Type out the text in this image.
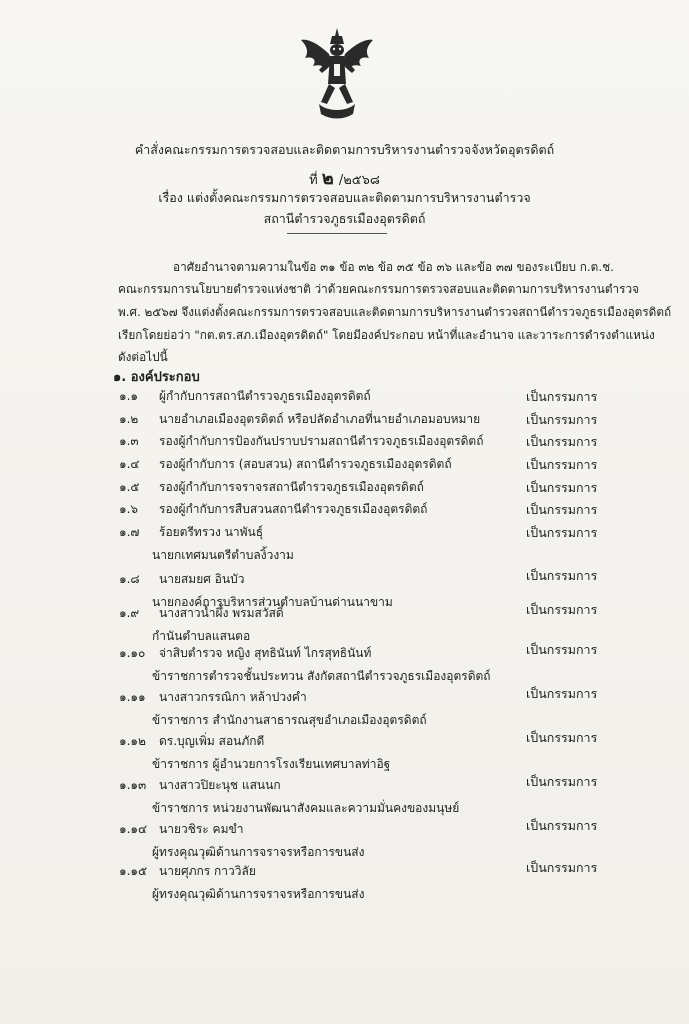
คำสั่งคณะกรรมการตรวจสอบและติดตามการบริหารงานตำรวจจังหวัดอุตรดิตถ์
ที่ ๒ /๒๕๖๘
เรื่อง แต่งตั้งคณะกรรมการตรวจสอบและติดตามการบริหารงานตำรวจ
สถานีตำรวจภูธรเมืองอุตรดิตถ์
อาศัยอำนาจตามความในข้อ ๓๑ ข้อ ๓๒ ข้อ ๓๕ ข้อ ๓๖ และข้อ ๓๗ ของระเบียบ ก.ต.ช.
คณะกรรมการนโยบายตำรวจแห่งชาติ ว่าด้วยคณะกรรมการตรวจสอบและติดตามการบริหารงานตำรวจ
พ.ศ. ๒๕๖๗ จึงแต่งตั้งคณะกรรมการตรวจสอบและติดตามการบริหารงานตำรวจสถานีตำรวจภูธรเมืองอุตรดิตถ์
เรียกโดยย่อว่า "กต.ตร.สภ.เมืองอุตรดิตถ์" โดยมีองค์ประกอบ หน้าที่และอำนาจ และวาระการดำรงตำแหน่ง
ดังต่อไปนี้
๑. องค์ประกอบ
๑.๑ ผู้กำกับการสถานีตำรวจภูธรเมืองอุตรดิตถ์	เป็นกรรมการ
๑.๒ นายอำเภอเมืองอุตรดิตถ์ หรือปลัดอำเภอที่นายอำเภอมอบหมาย	เป็นกรรมการ
๑.๓ รองผู้กำกับการป้องกันปราบปรามสถานีตำรวจภูธรเมืองอุตรดิตถ์	เป็นกรรมการ
๑.๔ รองผู้กำกับการ (สอบสวน) สถานีตำรวจภูธรเมืองอุตรดิตถ์	เป็นกรรมการ
๑.๕ รองผู้กำกับการจราจรสถานีตำรวจภูธรเมืองอุตรดิตถ์	เป็นกรรมการ
๑.๖ รองผู้กำกับการสืบสวนสถานีตำรวจภูธรเมืองอุตรดิตถ์	เป็นกรรมการ
๑.๗ ร้อยตรีทรวง นาพันธุ์	เป็นกรรมการ
นายกเทศมนตรีตำบลงิ้วงาม
๑.๘ นายสมยศ อินบัว	เป็นกรรมการ
นายกองค์การบริหารส่วนตำบลบ้านด่านนาขาม
๑.๙ นางสาวน้ำผึ้ง พรมสวัสดิ์	เป็นกรรมการ
กำนันตำบลแสนตอ
๑.๑๐ จ่าสิบตำรวจ หญิง สุทธินันท์ ไกรสุทธินันท์	เป็นกรรมการ
ข้าราชการตำรวจชั้นประทวน สังกัดสถานีตำรวจภูธรเมืองอุตรดิตถ์
๑.๑๑ นางสาวกรรณิกา หล้าปวงคำ	เป็นกรรมการ
ข้าราชการ สำนักงานสาธารณสุขอำเภอเมืองอุตรดิตถ์
๑.๑๒ ดร.บุญเพิ่ม สอนภักดี	เป็นกรรมการ
ข้าราชการ ผู้อำนวยการโรงเรียนเทศบาลท่าอิฐ
๑.๑๓ นางสาวปิยะนุช แสนนก	เป็นกรรมการ
ข้าราชการ หน่วยงานพัฒนาสังคมและความมั่นคงของมนุษย์
๑.๑๔ นายวชิระ คมขำ	เป็นกรรมการ
ผู้ทรงคุณวุฒิด้านการจราจรหรือการขนส่ง
๑.๑๕ นายศุภกร กาววิลัย	เป็นกรรมการ
ผู้ทรงคุณวุฒิด้านการจราจรหรือการขนส่ง
